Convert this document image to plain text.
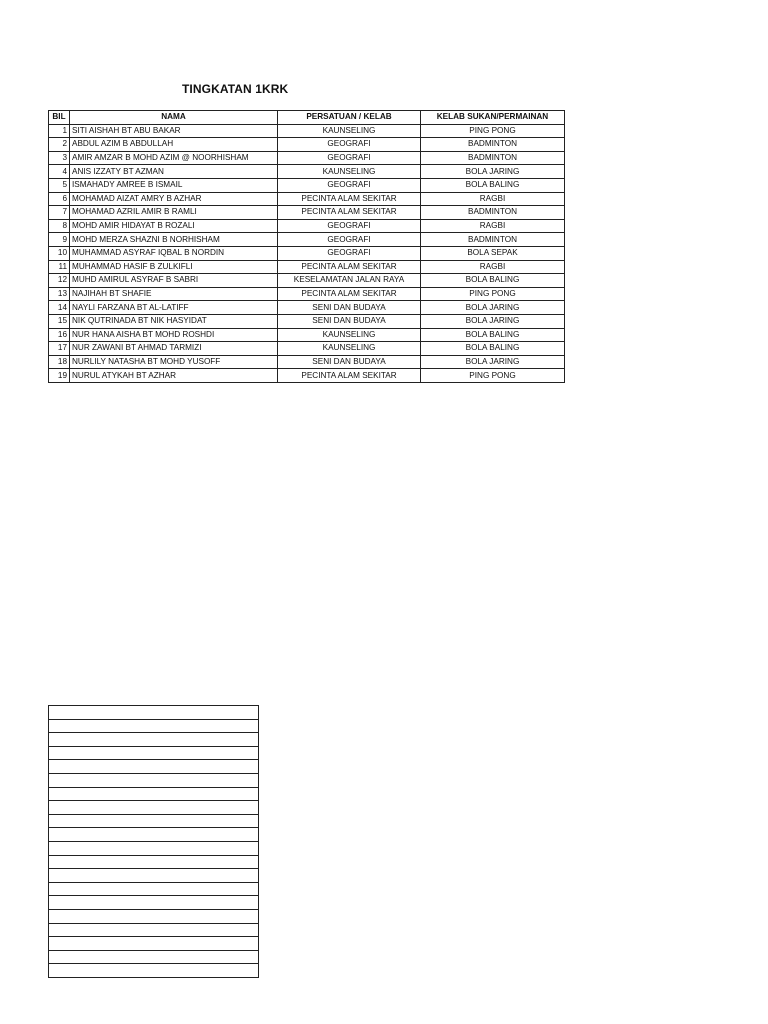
TINGKATAN 1KRK
BIL	NAMA	PERSATUAN / KELAB	KELAB SUKAN/PERMAINAN
1	SITI AISHAH BT ABU BAKAR	KAUNSELING	PING PONG
2	ABDUL AZIM B ABDULLAH	GEOGRAFI	BADMINTON
3	AMIR AMZAR B MOHD AZIM @ NOORHISHAM	GEOGRAFI	BADMINTON
4	ANIS IZZATY BT AZMAN	KAUNSELING	BOLA JARING
5	ISMAHADY AMREE B ISMAIL	GEOGRAFI	BOLA BALING
6	MOHAMAD AIZAT AMRY B AZHAR	PECINTA ALAM SEKITAR	RAGBI
7	MOHAMAD AZRIL AMIR B RAMLI	PECINTA ALAM SEKITAR	BADMINTON
8	MOHD AMIR HIDAYAT B ROZALI	GEOGRAFI	RAGBI
9	MOHD MERZA SHAZNI B NORHISHAM	GEOGRAFI	BADMINTON
10	MUHAMMAD ASYRAF IQBAL B NORDIN	GEOGRAFI	BOLA SEPAK
11	MUHAMMAD HASIF B ZULKIFLI	PECINTA ALAM SEKITAR	RAGBI
12	MUHD AMIRUL ASYRAF B SABRI	KESELAMATAN JALAN RAYA	BOLA BALING
13	NAJIHAH BT SHAFIE	PECINTA ALAM SEKITAR	PING PONG
14	NAYLI FARZANA BT AL-LATIFF	SENI DAN BUDAYA	BOLA JARING
15	NIK QUTRINADA BT NIK HASYIDAT	SENI DAN BUDAYA	BOLA JARING
16	NUR HANA AISHA BT MOHD ROSHDI	KAUNSELING	BOLA BALING
17	NUR ZAWANI BT AHMAD TARMIZI	KAUNSELING	BOLA BALING
18	NURLILY NATASHA BT MOHD YUSOFF	SENI DAN BUDAYA	BOLA JARING
19	NURUL ATYKAH BT AZHAR	PECINTA ALAM SEKITAR	PING PONG
